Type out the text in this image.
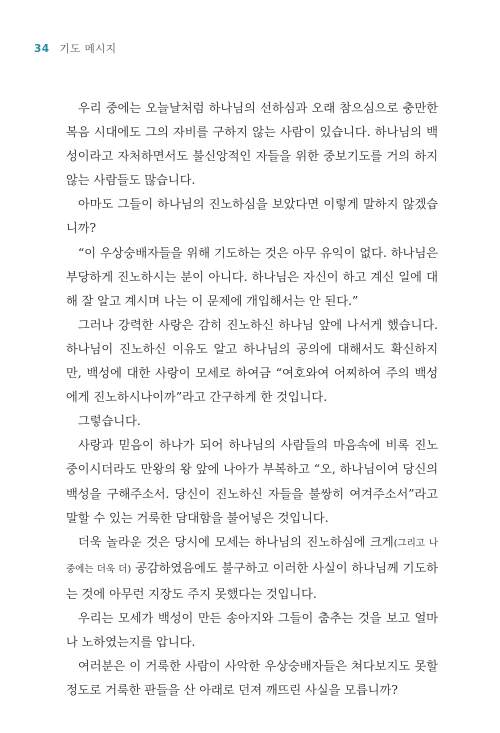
34 기도 메시지

우리 중에는 오늘날처럼 하나님의 선하심과 오래 참으심으로 충만한 복음 시대에도 그의 자비를 구하지 않는 사람이 있습니다. 하나님의 백성이라고 자처하면서도 불신앙적인 자들을 위한 중보기도를 거의 하지 않는 사람들도 많습니다.

아마도 그들이 하나님의 진노하심을 보았다면 이렇게 말하지 않겠습니까?

“이 우상숭배자들을 위해 기도하는 것은 아무 유익이 없다. 하나님은 부당하게 진노하시는 분이 아니다. 하나님은 자신이 하고 계신 일에 대해 잘 알고 계시며 나는 이 문제에 개입해서는 안 된다.”

그러나 강력한 사랑은 감히 진노하신 하나님 앞에 나서게 했습니다. 하나님이 진노하신 이유도 알고 하나님의 공의에 대해서도 확신하지만, 백성에 대한 사랑이 모세로 하여금 “여호와여 어찌하여 주의 백성에게 진노하시나이까”라고 간구하게 한 것입니다.

그렇습니다.

사랑과 믿음이 하나가 되어 하나님의 사람들의 마음속에 비록 진노 중이시더라도 만왕의 왕 앞에 나아가 부복하고 “오, 하나님이여 당신의 백성을 구해주소서. 당신이 진노하신 자들을 불쌍히 여겨주소서”라고 말할 수 있는 거룩한 담대함을 불어넣은 것입니다.

더욱 놀라운 것은 당시에 모세는 하나님의 진노하심에 크게(그리고 나중에는 더욱 더) 공감하였음에도 불구하고 이러한 사실이 하나님께 기도하는 것에 아무런 지장도 주지 못했다는 것입니다.

우리는 모세가 백성이 만든 송아지와 그들이 춤추는 것을 보고 얼마나 노하였는지를 압니다.

여러분은 이 거룩한 사람이 사악한 우상숭배자들은 쳐다보지도 못할 정도로 거룩한 판들을 산 아래로 던져 깨뜨린 사실을 모릅니까?
